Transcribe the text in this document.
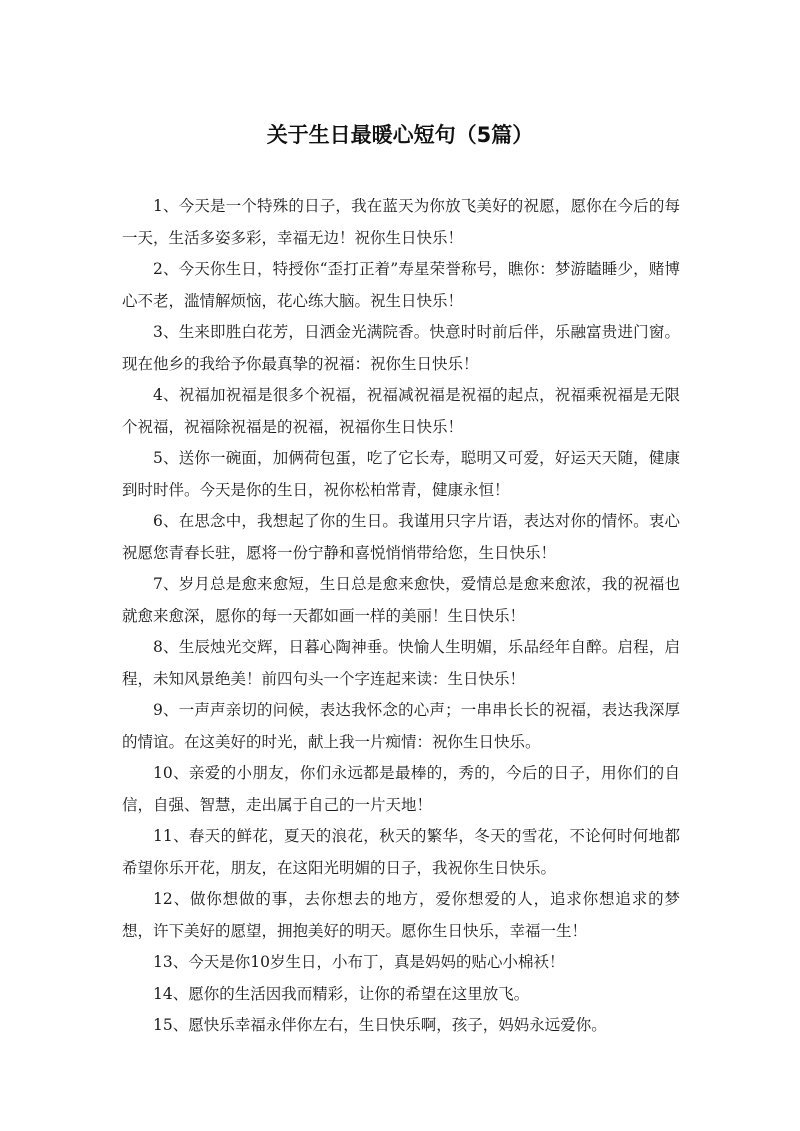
关于生日最暖心短句（5篇）

1、今天是一个特殊的日子，我在蓝天为你放飞美好的祝愿，愿你在今后的每一天，生活多姿多彩，幸福无边！祝你生日快乐！

2、今天你生日，特授你“歪打正着”寿星荣誉称号，瞧你：梦游瞌睡少，赌博心不老，滥情解烦恼，花心练大脑。祝生日快乐！

3、生来即胜白花芳，日洒金光满院香。快意时时前后伴，乐融富贵进门窗。现在他乡的我给予你最真挚的祝福：祝你生日快乐！

4、祝福加祝福是很多个祝福，祝福减祝福是祝福的起点，祝福乘祝福是无限个祝福，祝福除祝福是的祝福，祝福你生日快乐！

5、送你一碗面，加俩荷包蛋，吃了它长寿，聪明又可爱，好运天天随，健康到时时伴。今天是你的生日，祝你松柏常青，健康永恒！

6、在思念中，我想起了你的生日。我谨用只字片语，表达对你的情怀。衷心祝愿您青春长驻，愿将一份宁静和喜悦悄悄带给您，生日快乐！

7、岁月总是愈来愈短，生日总是愈来愈快，爱情总是愈来愈浓，我的祝福也就愈来愈深，愿你的每一天都如画一样的美丽！生日快乐！

8、生辰烛光交辉，日暮心陶神垂。快愉人生明媚，乐品经年自醉。启程，启程，未知风景绝美！前四句头一个字连起来读：生日快乐！

9、一声声亲切的问候，表达我怀念的心声；一串串长长的祝福，表达我深厚的情谊。在这美好的时光，献上我一片痴情：祝你生日快乐。

10、亲爱的小朋友，你们永远都是最棒的，秀的，今后的日子，用你们的自信，自强、智慧，走出属于自己的一片天地！

11、春天的鲜花，夏天的浪花，秋天的繁华，冬天的雪花，不论何时何地都希望你乐开花，朋友，在这阳光明媚的日子，我祝你生日快乐。

12、做你想做的事，去你想去的地方，爱你想爱的人，追求你想追求的梦想，许下美好的愿望，拥抱美好的明天。愿你生日快乐，幸福一生！

13、今天是你10岁生日，小布丁，真是妈妈的贴心小棉袄！

14、愿你的生活因我而精彩，让你的希望在这里放飞。

15、愿快乐幸福永伴你左右，生日快乐啊，孩子，妈妈永远爱你。
